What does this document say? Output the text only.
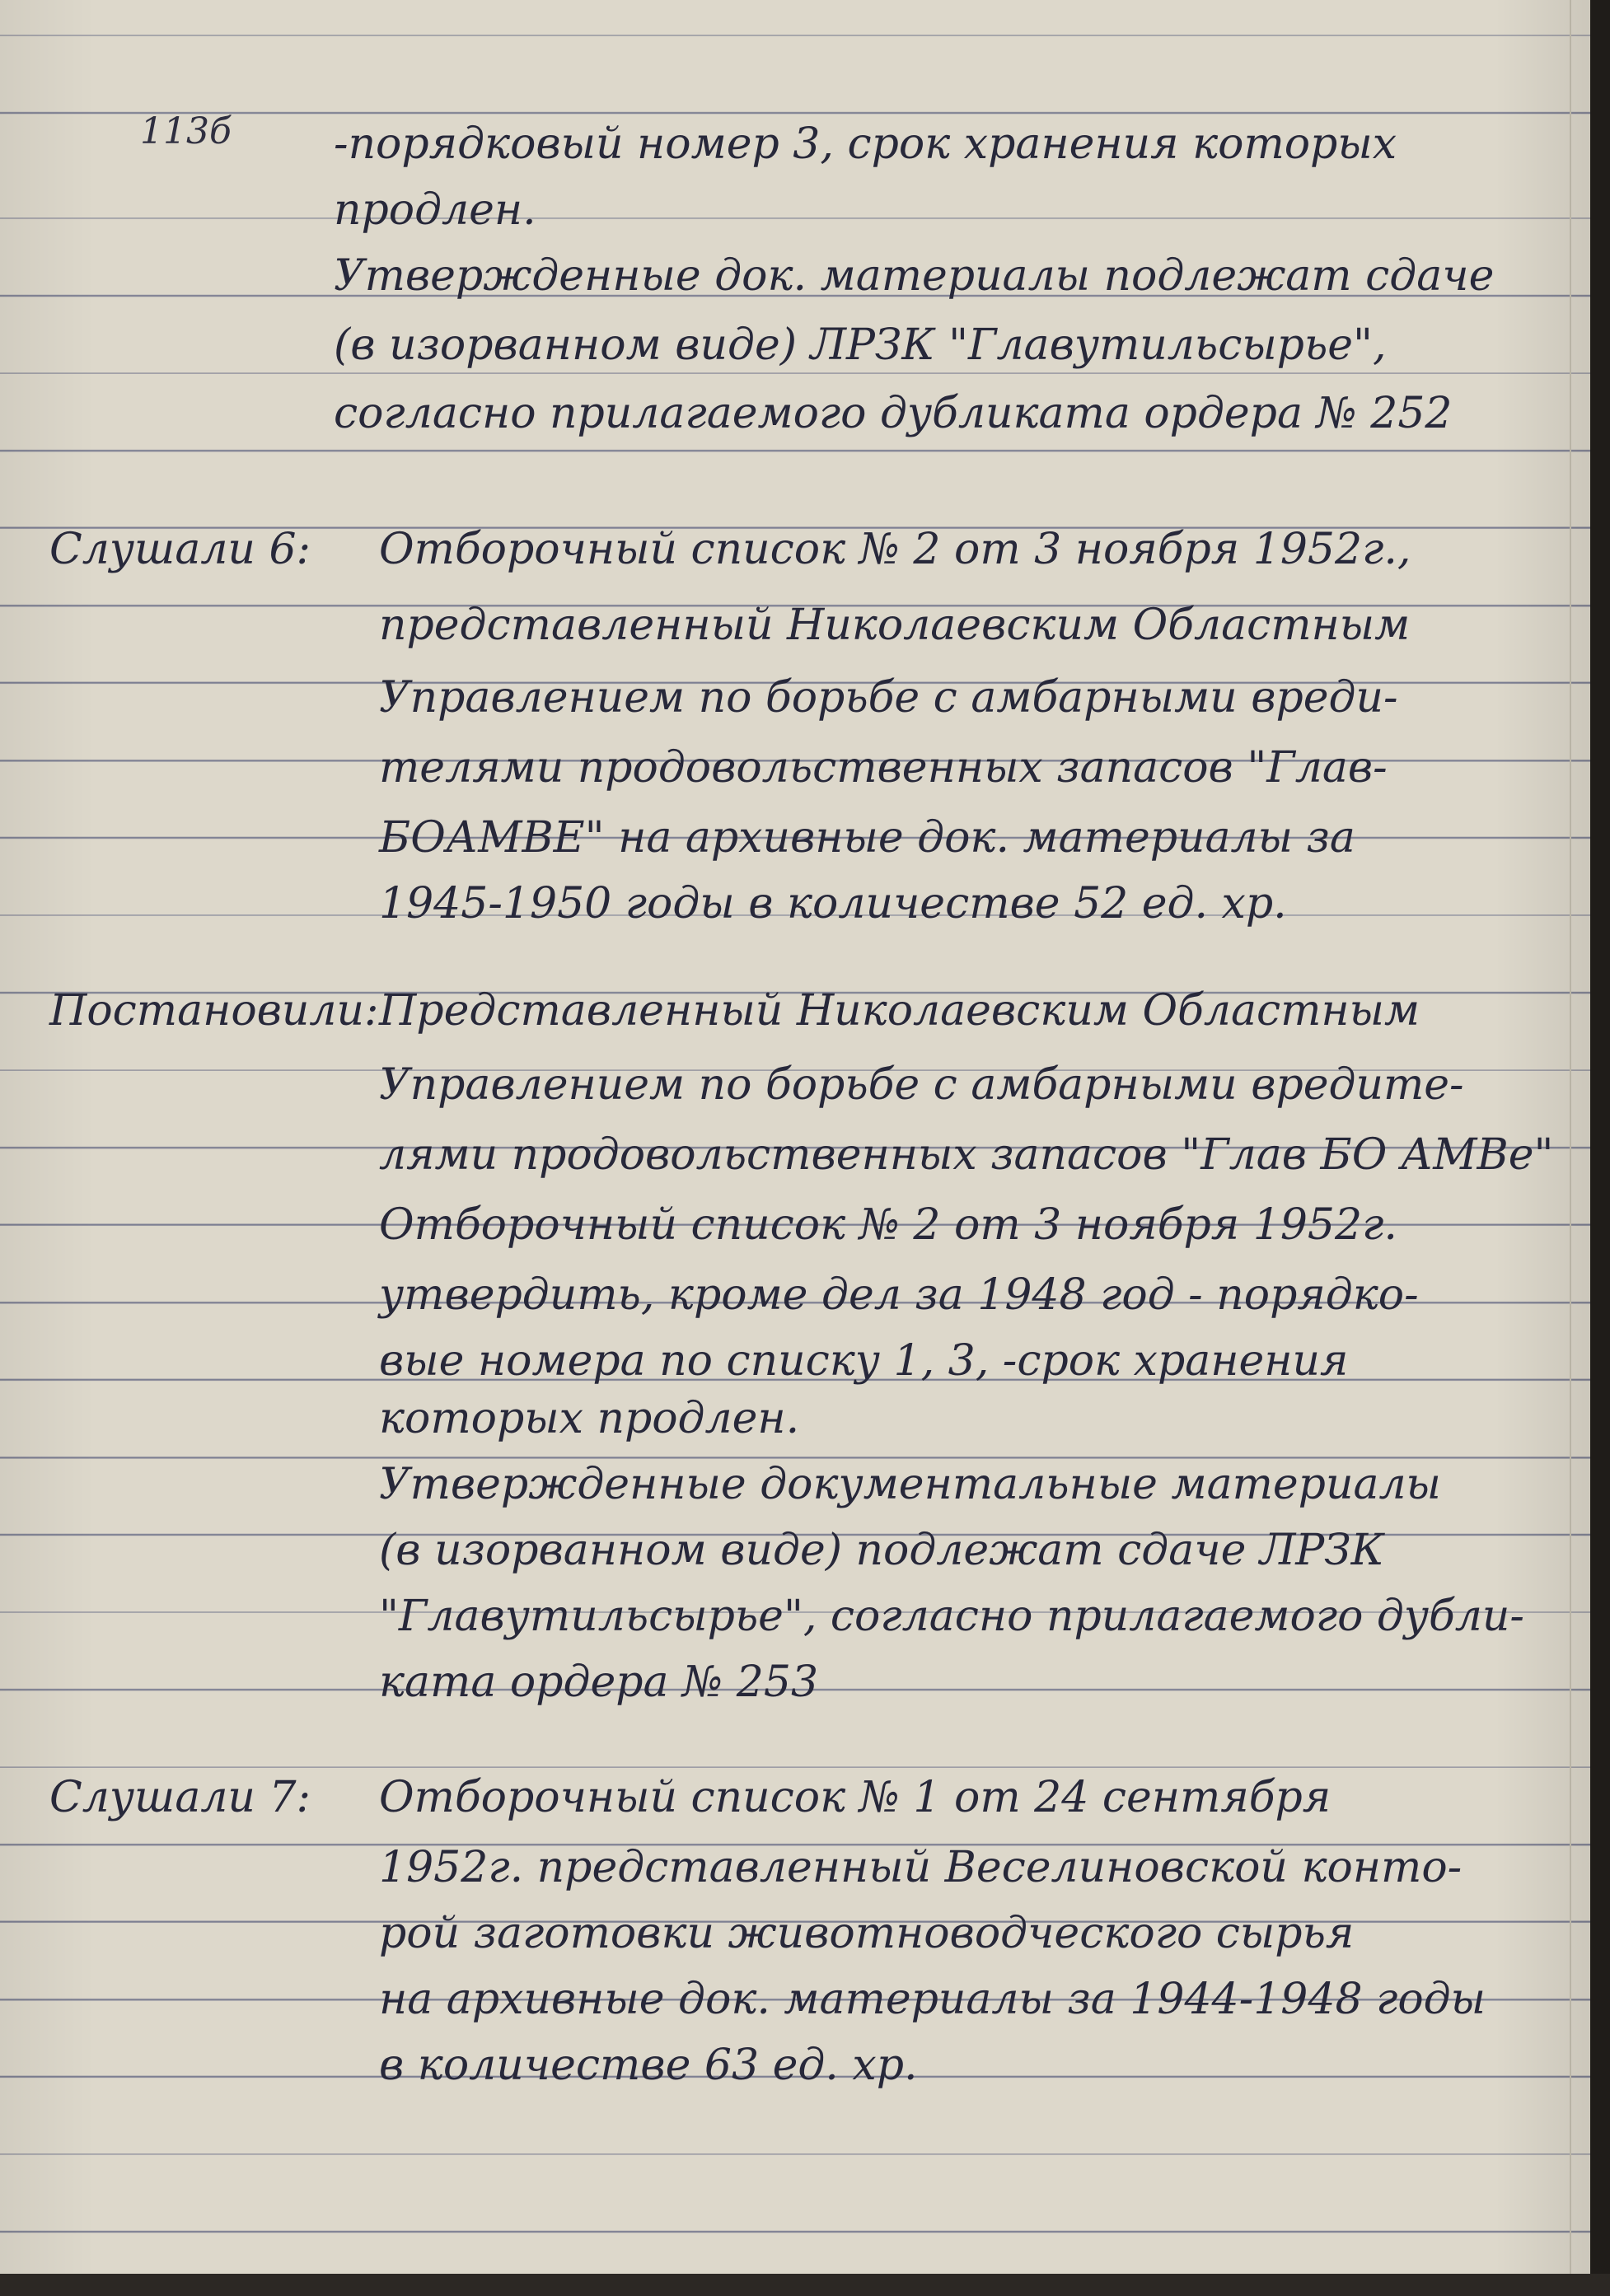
113б -порядковый номер 3, срок хранения которых

продлен.

Утвержденные док. материалы подлежат сдаче

(в изорванном виде) ЛРЗК "Главутильсырье",

согласно прилагаемого дубликата ордера № 252

Слушали 6: Отборочный список № 2 от 3 ноября 1952г.,

представленный Николаевским Областным

Управлением по борьбе с амбарными вреди-

телями продовольственных запасов "Глав-

БОАМВЕ" на архивные док. материалы за

1945-1950 годы в количестве 52 ед. хр.

Постановили: Представленный Николаевским Областным

Управлением по борьбе с амбарными вредите-

лями продовольственных запасов "Глав БО АМВе"

Отборочный список № 2 от 3 ноября 1952г.

утвердить, кроме дел за 1948 год - порядко-

вые номера по списку 1, 3, -срок хранения

которых продлен.

Утвержденные документальные материалы

(в изорванном виде) подлежат сдаче ЛРЗК

"Главутильсырье", согласно прилагаемого дубли-

ката ордера № 253

Слушали 7: Отборочный список № 1 от 24 сентября

1952г. представленный Веселиновской конто-

рой заготовки животноводческого сырья

на архивные док. материалы за 1944-1948 годы

в количестве 63 ед. хр.
